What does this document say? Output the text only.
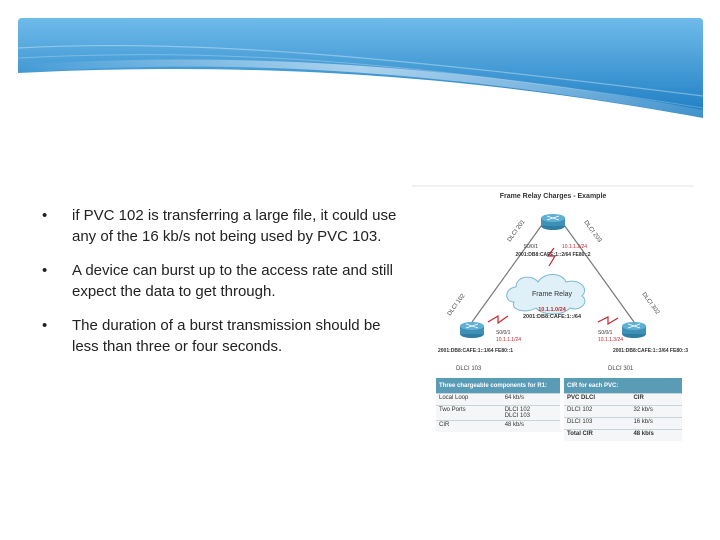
• if PVC 102 is transferring a large file, it could use any of the 16 kb/s not being used by PVC 103.
• A device can burst up to the access rate and still expect the data to get through.
• The duration of a burst transmission should be less than three or four seconds.
Frame Relay Charges - Example
DLCI 201	DLCI 203
DLCI 102	DLCI 302
DLCI 103	DLCI 301
Frame Relay
10.1.1.0/24
2001:DB8:CAFE:1::/64
R2
S0/0/1	10.1.1.2/24
2001:DB8:CAFE:1::2/64 FE80::2
R1
S0/0/1
10.1.1.1/24
2001:DB8:CAFE:1::1/64 FE80::1
R3
S0/0/1
10.1.1.3/24
2001:DB8:CAFE:1::3/64 FE80::3
Three chargeable components for R1:	
Local Loop	64 kb/s
Two Ports	DLCI 102
DLCI 103
CIR	48 kb/s
CIR for each PVC:	
PVC DLCI	CIR
DLCI 102	32 kb/s
DLCI 103	16 kb/s
Total CIR	48 kb/s
